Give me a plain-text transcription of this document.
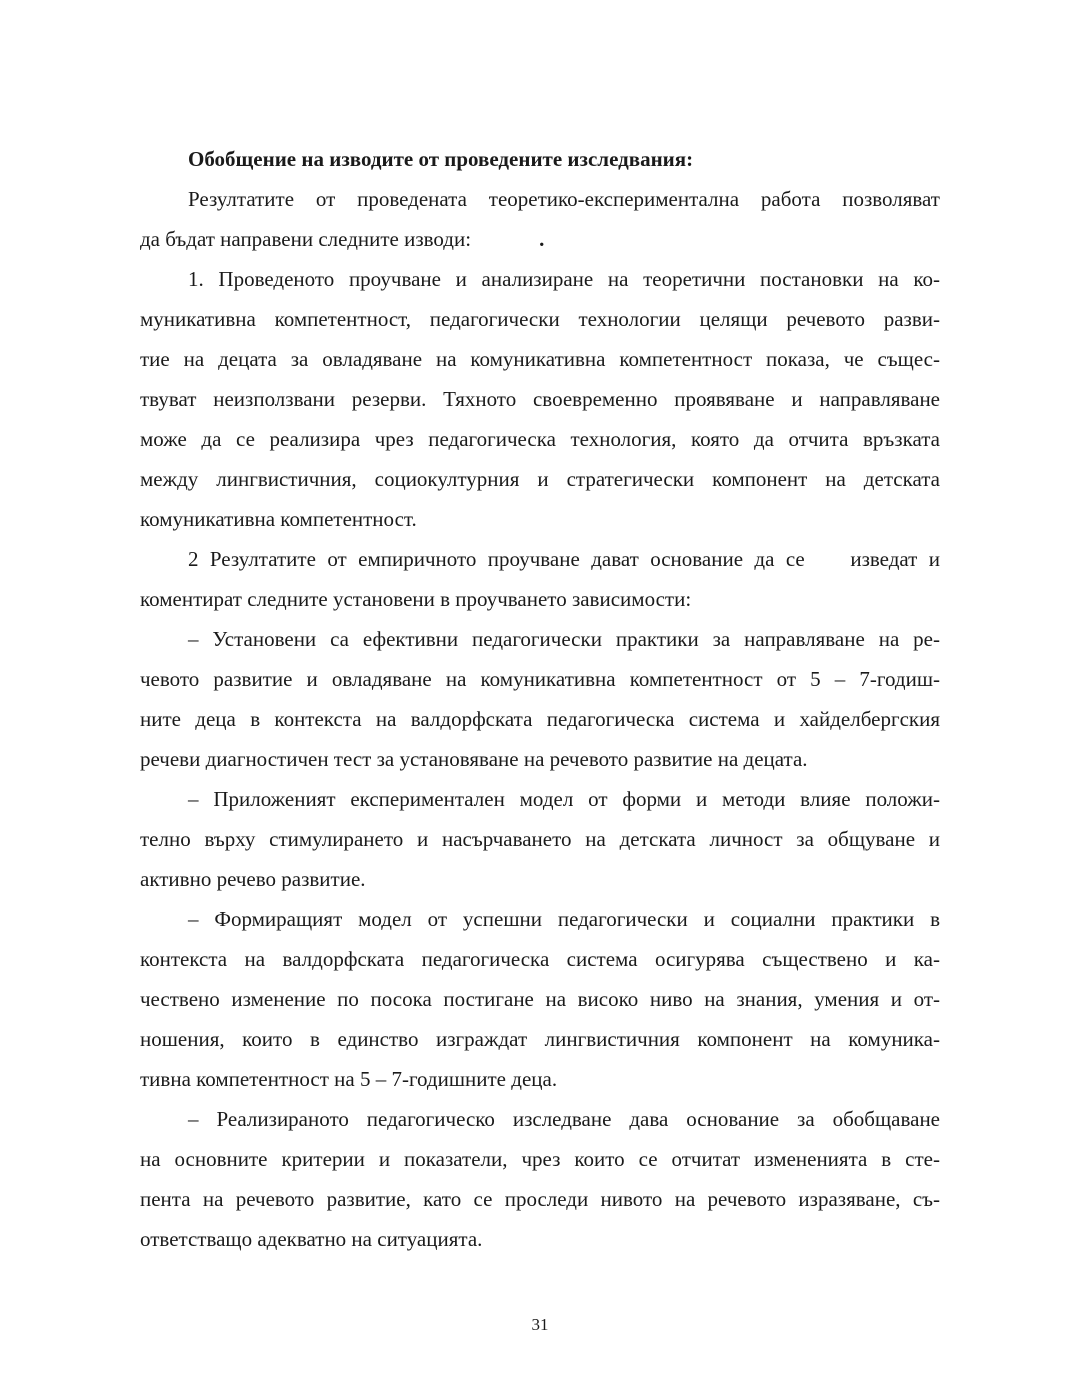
Обобщение на изводите от проведените изследвания:
Резултатите от проведената теоретико-експериментална работа позволяват
да бъдат направени следните изводи:	.
1. Проведеното проучване и анализиране на теоретични постановки на ко-
муникативна компетентност, педагогически технологии целящи речевото разви-
тие на децата за овладяване на комуникативна компетентност показа, че същес-
твуват неизползвани резерви. Тяхното своевременно проявяване и направляване
може да се реализира чрез педагогическа технология, която да отчита връзката
между лингвистичния, социокултурния и стратегически компонент на детската
комуникативна компетентност.
2 Резултатите от емпиричното проучване дават основание да се    изведат и
коментират следните установени в проучването зависимости:
– Установени са ефективни педагогически практики за направляване на ре-
чевото развитие и овладяване на комуникативна компетентност от 5 – 7-годиш-
ните деца в контекста на валдорфската педагогическа система и хайделбергския
речеви диагностичен тест за установяване на речевото развитие на децата.
– Приложеният експериментален модел от форми и методи влияе положи-
телно върху стимулирането и насърчаването на детската личност за общуване и
активно речево развитие.
– Формиращият модел от успешни педагогически и социални практики в
контекста на валдорфската педагогическа система осигурява съществено и ка-
чествено изменение по посока постигане на високо ниво на знания, умения и от-
ношения, които в единство изграждат лингвистичния компонент на комуника-
тивна компетентност на 5 – 7-годишните деца.
– Реализираното педагогическо изследване дава основание за обобщаване
на основните критерии и показатели, чрез които се отчитат измененията в сте-
пента на речевото развитие, като се проследи нивото на речевото изразяване, съ-
ответстващо адекватно на ситуацията.
31
